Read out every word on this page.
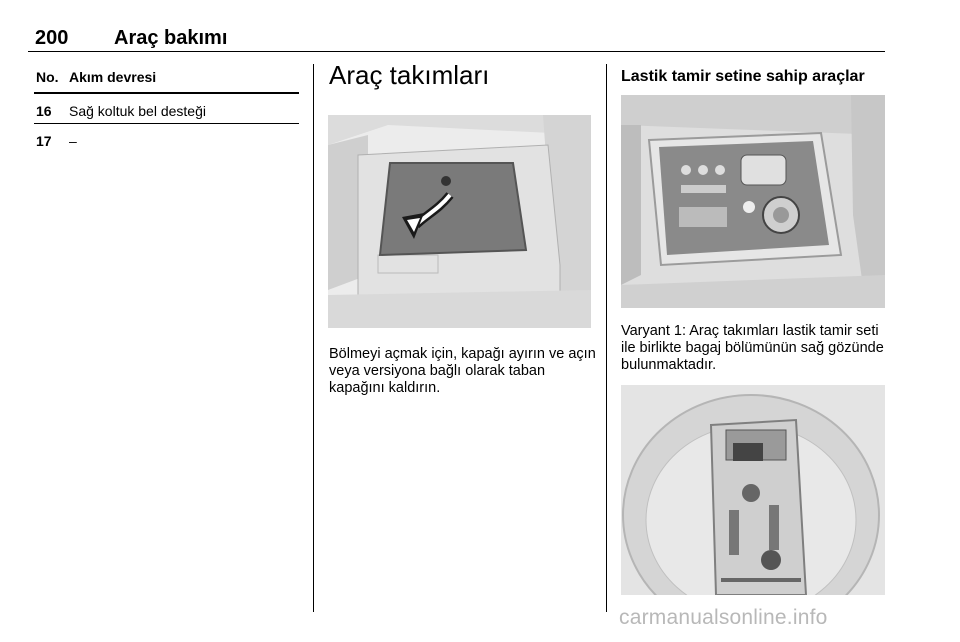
200 Araç bakımı
No. Akım devresi
16 Sağ koltuk bel desteği
17 –
Araç takımları
Bölmeyi açmak için, kapağı ayırın ve açın veya versiyona bağlı olarak taban kapağını kaldırın.
Lastik tamir setine sahip araçlar
Varyant 1: Araç takımları lastik tamir seti ile birlikte bagaj bölümünün sağ gözünde bulunmaktadır.
carmanualsonline.info
